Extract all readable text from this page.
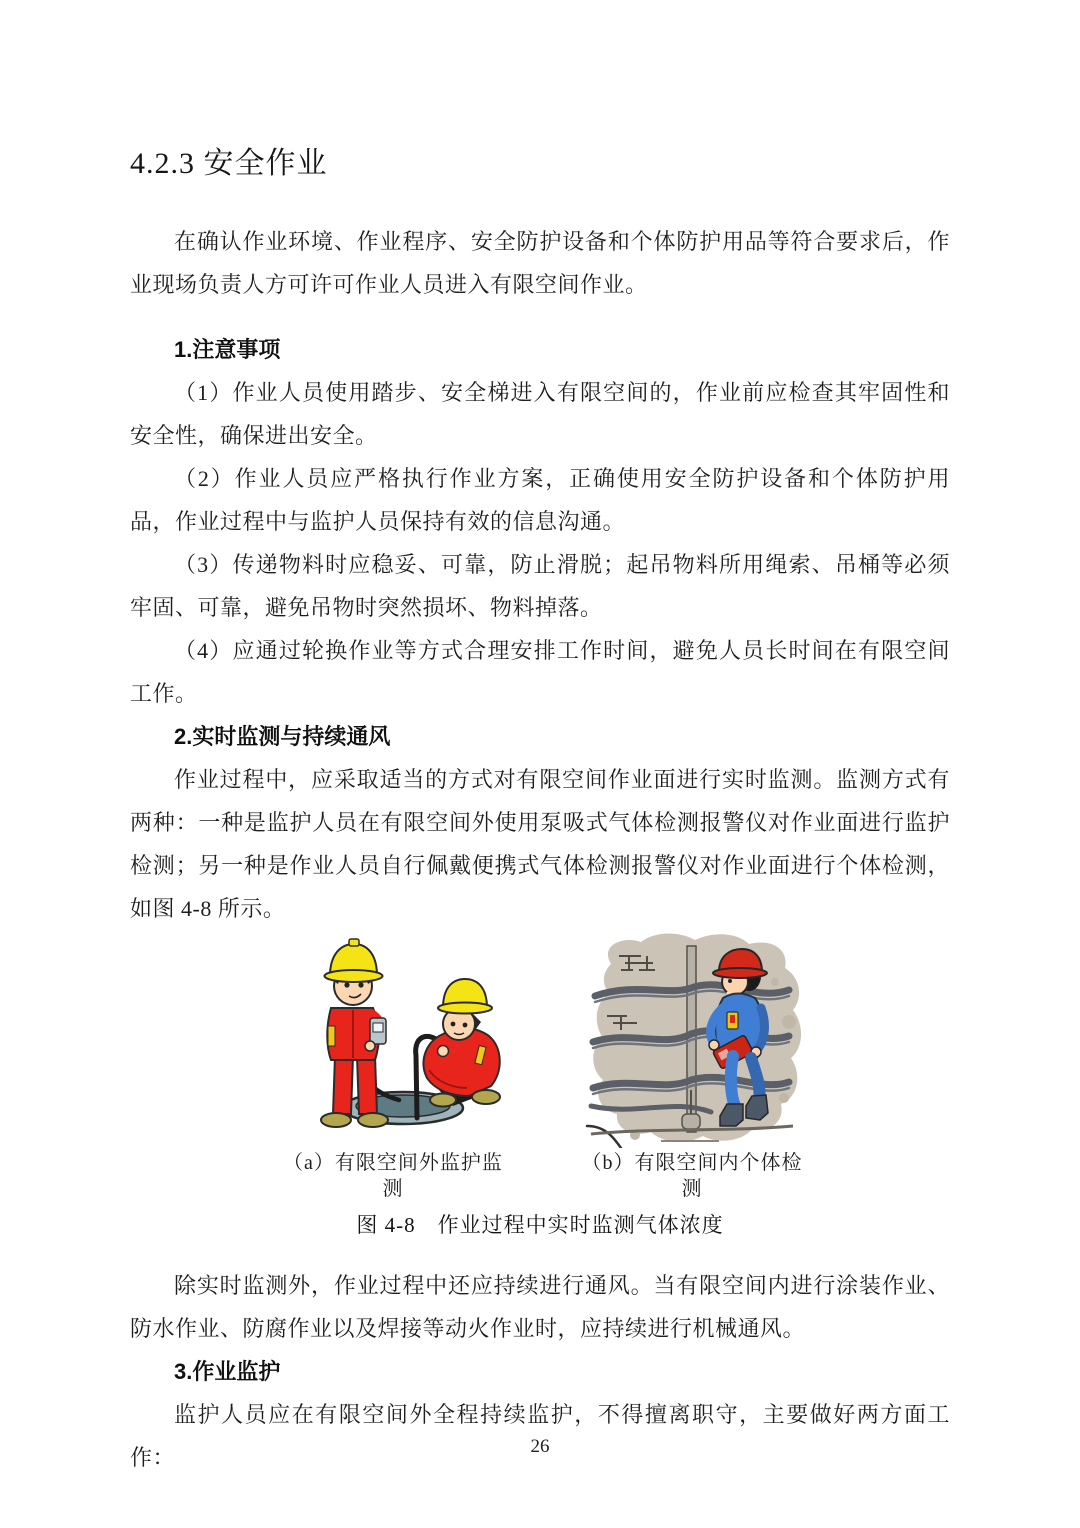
4.2.3 安全作业

在确认作业环境、作业程序、安全防护设备和个体防护用品等符合要求后，作业现场负责人方可许可作业人员进入有限空间作业。

1.注意事项

（1）作业人员使用踏步、安全梯进入有限空间的，作业前应检查其牢固性和安全性，确保进出安全。

（2）作业人员应严格执行作业方案，正确使用安全防护设备和个体防护用品，作业过程中与监护人员保持有效的信息沟通。

（3）传递物料时应稳妥、可靠，防止滑脱；起吊物料所用绳索、吊桶等必须牢固、可靠，避免吊物时突然损坏、物料掉落。

（4）应通过轮换作业等方式合理安排工作时间，避免人员长时间在有限空间工作。

2.实时监测与持续通风

作业过程中，应采取适当的方式对有限空间作业面进行实时监测。监测方式有两种：一种是监护人员在有限空间外使用泵吸式气体检测报警仪对作业面进行监护检测；另一种是作业人员自行佩戴便携式气体检测报警仪对作业面进行个体检测，如图 4-8 所示。

（a）有限空间外监护监测
（b）有限空间内个体检测
图 4-8　作业过程中实时监测气体浓度

除实时监测外，作业过程中还应持续进行通风。当有限空间内进行涂装作业、防水作业、防腐作业以及焊接等动火作业时，应持续进行机械通风。

3.作业监护

监护人员应在有限空间外全程持续监护，不得擅离职守，主要做好两方面工作：	26
